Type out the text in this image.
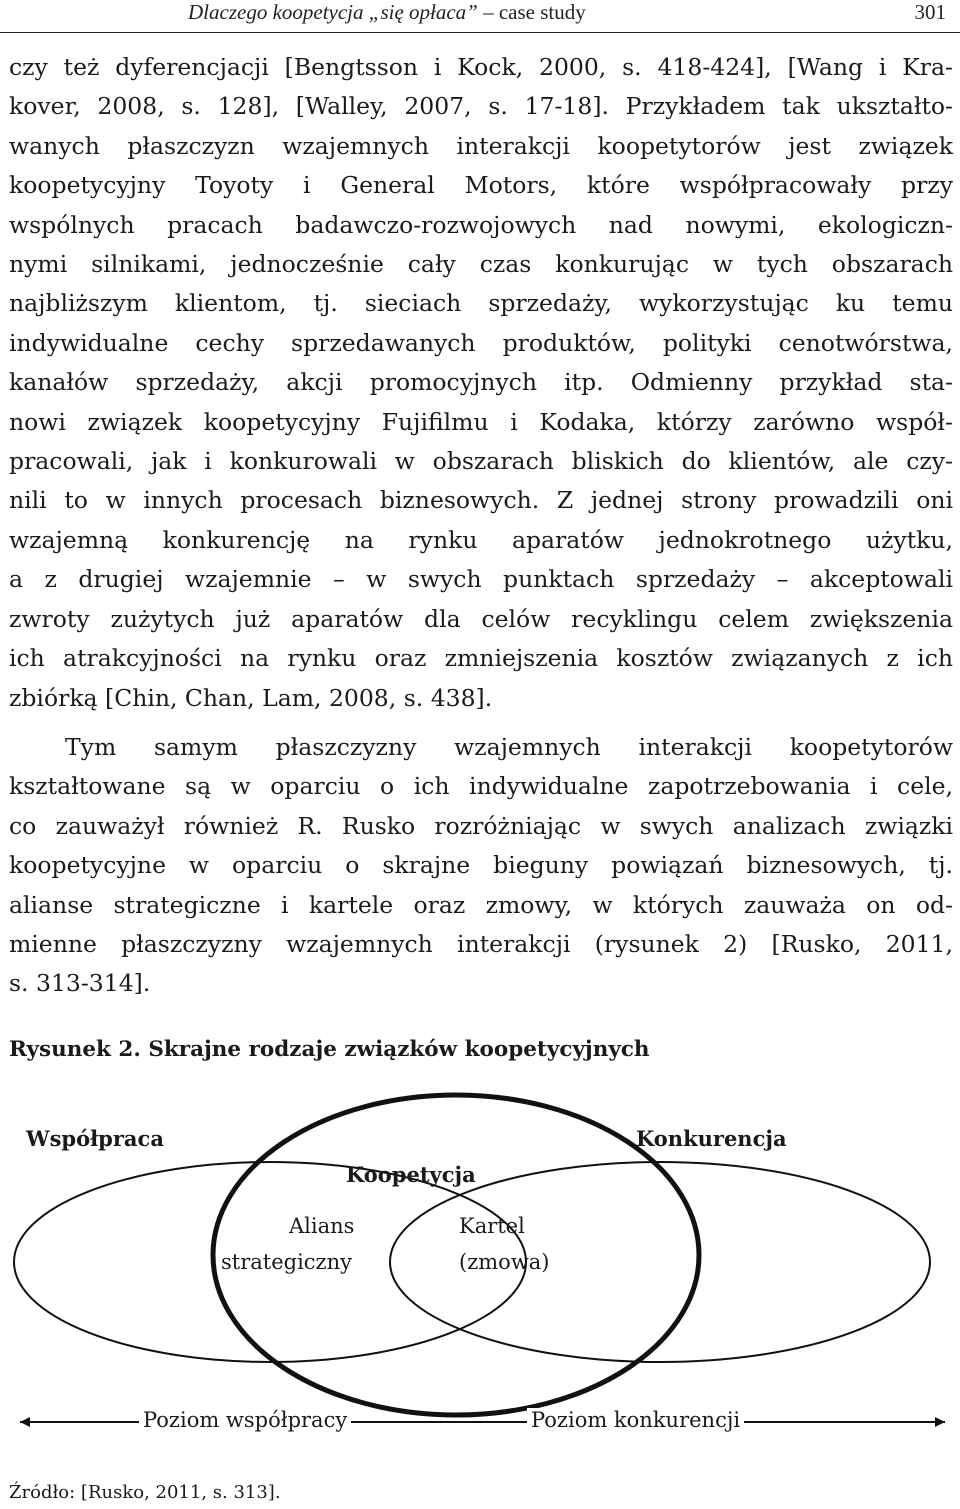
Dlaczego koopetycja „się opłaca” – case study	301

czy też dyferencjacji [Bengtsson i Kock, 2000, s. 418-424], [Wang i Kra-
kover, 2008, s. 128], [Walley, 2007, s. 17-18]. Przykładem tak ukształto-
wanych płaszczyzn wzajemnych interakcji koopetytorów jest związek
koopetycyjny Toyoty i General Motors, które współpracowały przy
wspólnych pracach badawczo-rozwojowych nad nowymi, ekologiczn-
nymi silnikami, jednocześnie cały czas konkurując w tych obszarach
najbliższym klientom, tj. sieciach sprzedaży, wykorzystując ku temu
indywidualne cechy sprzedawanych produktów, polityki cenotwórstwa,
kanałów sprzedaży, akcji promocyjnych itp. Odmienny przykład sta-
nowi związek koopetycyjny Fujifilmu i Kodaka, którzy zarówno współ-
pracowali, jak i konkurowali w obszarach bliskich do klientów, ale czy-
nili to w innych procesach biznesowych. Z jednej strony prowadzili oni
wzajemną konkurencję na rynku aparatów jednokrotnego użytku,
a z drugiej wzajemnie – w swych punktach sprzedaży – akceptowali
zwroty zużytych już aparatów dla celów recyklingu celem zwiększenia
ich atrakcyjności na rynku oraz zmniejszenia kosztów związanych z ich
zbiórką [Chin, Chan, Lam, 2008, s. 438].

Tym samym płaszczyzny wzajemnych interakcji koopetytorów
kształtowane są w oparciu o ich indywidualne zapotrzebowania i cele,
co zauważył również R. Rusko rozróżniając w swych analizach związki
koopetycyjne w oparciu o skrajne bieguny powiązań biznesowych, tj.
alianse strategiczne i kartele oraz zmowy, w których zauważa on od-
mienne płaszczyzny wzajemnych interakcji (rysunek 2) [Rusko, 2011,
s. 313-314].

Rysunek 2. Skrajne rodzaje związków koopetycyjnych
Współpraca	Konkurencja
Koopetycja
Alians
strategiczny
Kartel
(zmowa)
Poziom współpracy	Poziom konkurencji
Źródło: [Rusko, 2011, s. 313].
